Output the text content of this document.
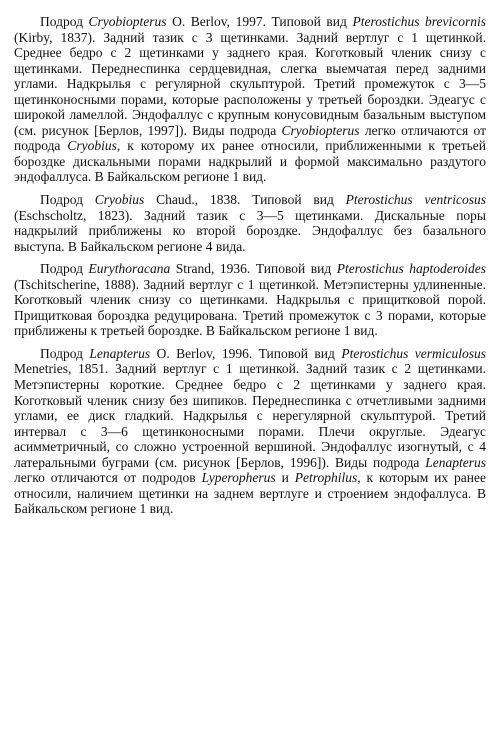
Подрод Cryobiopterus O. Berlov, 1997. Типовой вид Pterostichus brevicornis (Kirby, 1837). Задний тазик с 3 щетинками. Задний вертлуг с 1 щетинкой. Среднее бедро с 2 щетинками у заднего края. Коготковый членик снизу с щетинками. Переднеспинка сердцевидная, слегка выемчатая перед задними углами. Надкрылья с регулярной скульптурой. Третий промежуток с 3—5 щетинконосными порами, которые расположены у третьей бороздки. Эдеагус с широкой ламеллой. Эндофаллус с крупным конусовидным базальным выступом (см. рисунок [Берлов, 1997]). Виды подрода Cryobiopterus легко отличаются от подрода Cryobius, к которому их ранее относили, приближенными к третьей бороздке дискальными порами надкрылий и формой максимально раздутого эндофаллуса. В Байкальском регионе 1 вид.

Подрод Cryobius Chaud., 1838. Типовой вид Pterostichus ventricosus (Eschscholtz, 1823). Задний тазик с 3—5 щетинками. Дискальные поры надкрылий приближены ко второй бороздке. Эндофаллус без базального выступа. В Байкальском регионе 4 вида.

Подрод Eurythoracana Strand, 1936. Типовой вид Pterostichus haptoderoides (Tschitscherine, 1888). Задний вертлуг с 1 щетинкой. Метэпистерны удлиненные. Коготковый членик снизу со щетинками. Надкрылья с прищитковой порой. Прищитковая бороздка редуцирована. Третий промежуток с 3 порами, которые приближены к третьей бороздке. В Байкальском регионе 1 вид.

Подрод Lenapterus O. Berlov, 1996. Типовой вид Pterostichus vermiculosus Menetries, 1851. Задний вертлуг с 1 щетинкой. Задний тазик с 2 щетинками. Метэпистерны короткие. Среднее бедро с 2 щетинками у заднего края. Коготковый членик снизу без шипиков. Переднеспинка с отчетливыми задними углами, ее диск гладкий. Надкрылья с нерегулярной скульптурой. Третий интервал с 3—6 щетинконосными порами. Плечи округлые. Эдеагус асимметричный, со сложно устроенной вершиной. Эндофаллус изогнутый, с 4 латеральными буграми (см. рисунок [Берлов, 1996]). Виды подрода Lenapterus легко отличаются от подродов Lyperopherus и Petrophilus, к которым их ранее относили, наличием щетинки на заднем вертлуге и строением эндофаллуса. В Байкальском регионе 1 вид.
